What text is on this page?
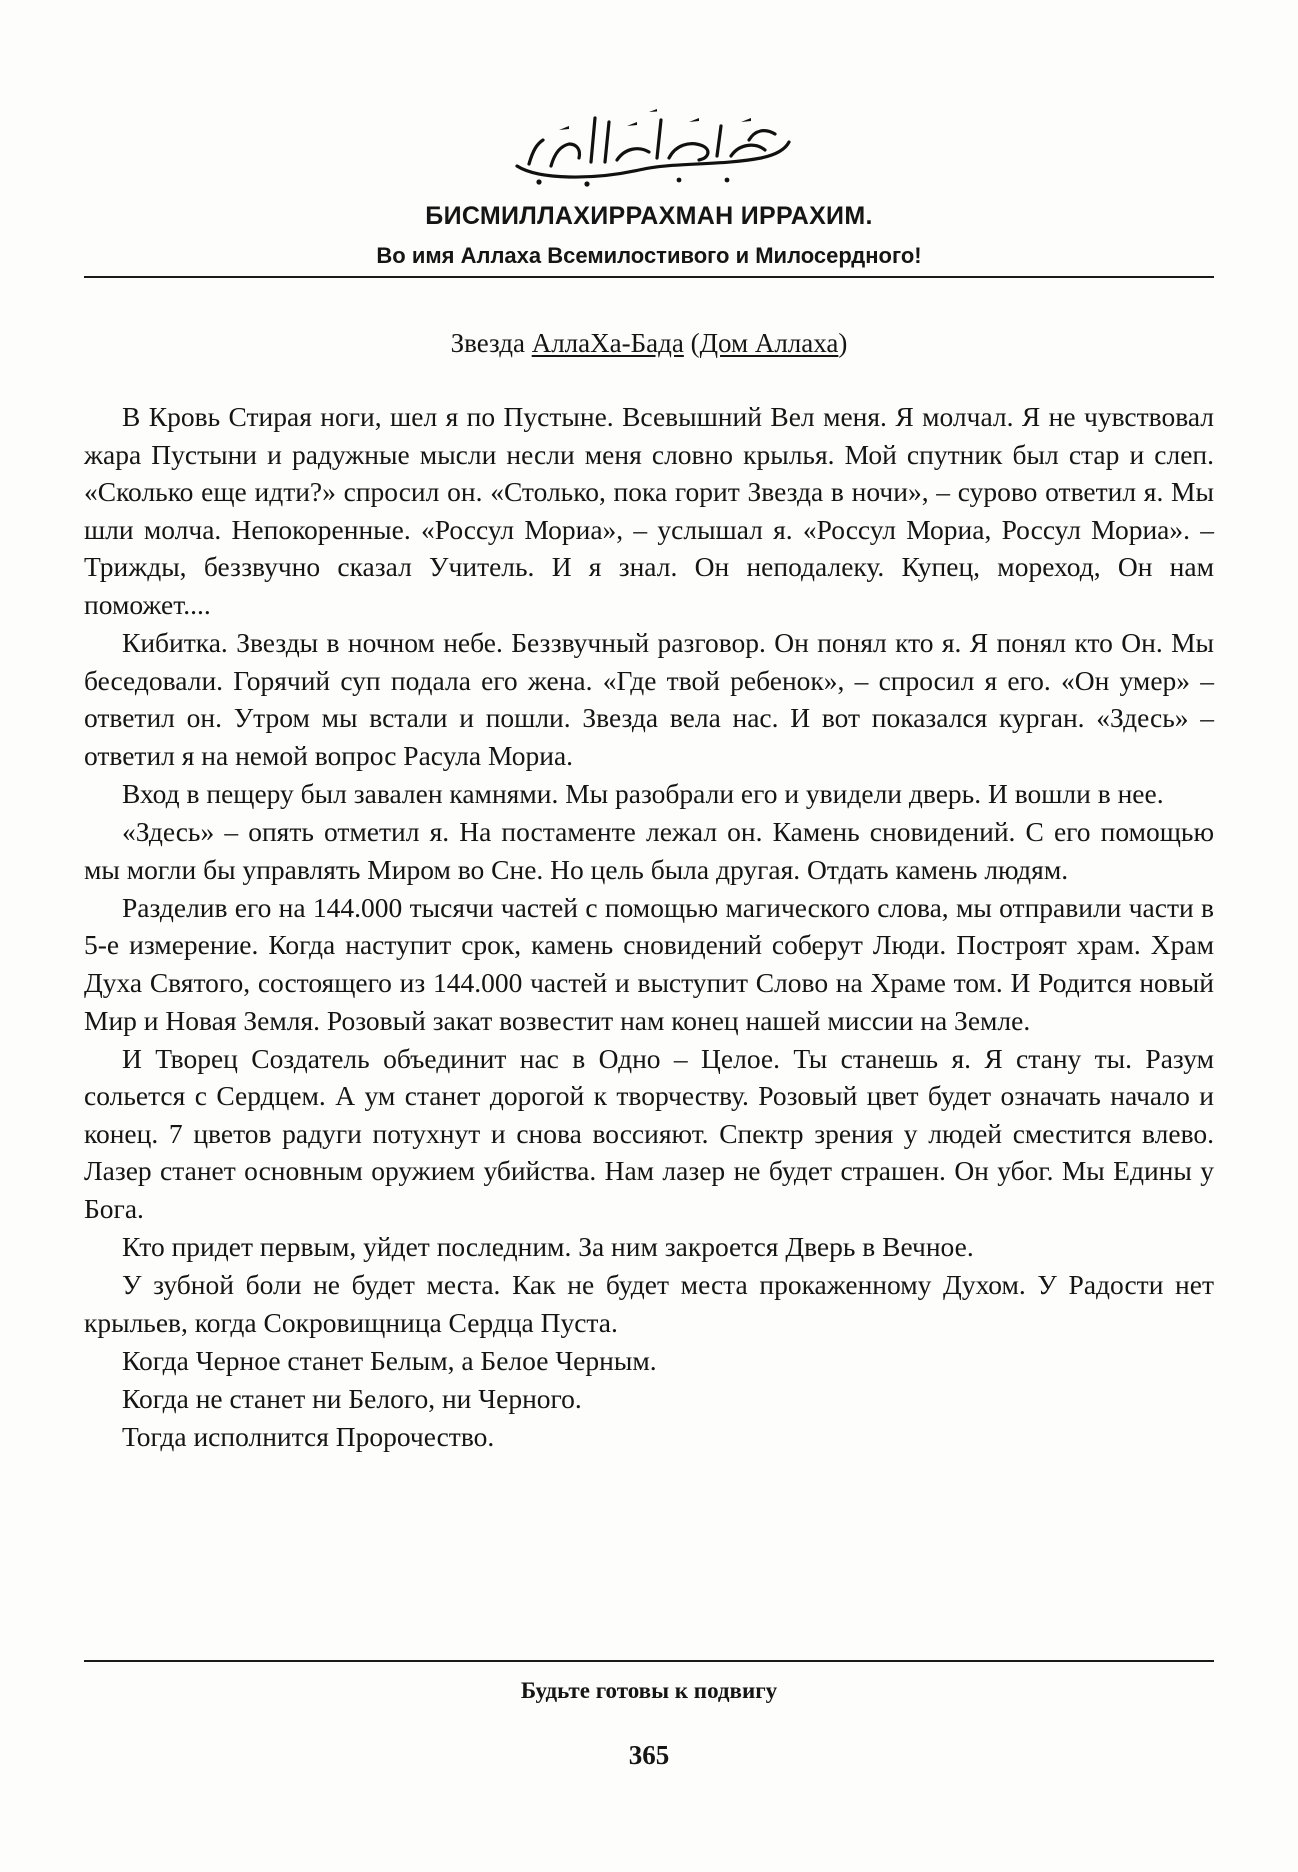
БИСМИЛЛАХИРРАХМАН ИРРАХИМ.
Во имя Аллаха Всемилостивого и Милосердного!
Звезда АллаХа-Бада (Дом Аллаха)

В Кровь Стирая ноги, шел я по Пустыне. Всевышний Вел меня. Я молчал. Я не чувствовал жара Пустыни и радужные мысли несли меня словно крылья. Мой спутник был стар и слеп. «Сколько еще идти?» спросил он. «Столько, пока горит Звезда в ночи», – сурово ответил я. Мы шли молча. Непокоренные. «Россул Мориа», – услышал я. «Россул Мориа, Россул Мориа». – Трижды, беззвучно сказал Учитель. И я знал. Он неподалеку. Купец, мореход, Он нам поможет....

Кибитка. Звезды в ночном небе. Беззвучный разговор. Он понял кто я. Я понял кто Он. Мы беседовали. Горячий суп подала его жена. «Где твой ребенок», – спросил я его. «Он умер» – ответил он. Утром мы встали и пошли. Звезда вела нас. И вот показался курган. «Здесь» – ответил я на немой вопрос Расула Мориа.

Вход в пещеру был завален камнями. Мы разобрали его и увидели дверь. И вошли в нее.

«Здесь» – опять отметил я. На постаменте лежал он. Камень сновидений. С его помощью мы могли бы управлять Миром во Сне. Но цель была другая. Отдать камень людям.

Разделив его на 144.000 тысячи частей с помощью магического слова, мы отправили части в 5-е измерение. Когда наступит срок, камень сновидений соберут Люди. Построят храм. Храм Духа Святого, состоящего из 144.000 частей и выступит Слово на Храме том. И Родится новый Мир и Новая Земля. Розовый закат возвестит нам конец нашей миссии на Земле.

И Творец Создатель объединит нас в Одно – Целое. Ты станешь я. Я стану ты. Разум сольется с Сердцем. А ум станет дорогой к творчеству. Розовый цвет будет означать начало и конец. 7 цветов радуги потухнут и снова воссияют. Спектр зрения у людей сместится влево. Лазер станет основным оружием убийства. Нам лазер не будет страшен. Он убог. Мы Едины у Бога.

Кто придет первым, уйдет последним. За ним закроется Дверь в Вечное.

У зубной боли не будет места. Как не будет места прокаженному Духом. У Радости нет крыльев, когда Сокровищница Сердца Пуста.

Когда Черное станет Белым, а Белое Черным.

Когда не станет ни Белого, ни Черного.

Тогда исполнится Пророчество.

Будьте готовы к подвигу
365
